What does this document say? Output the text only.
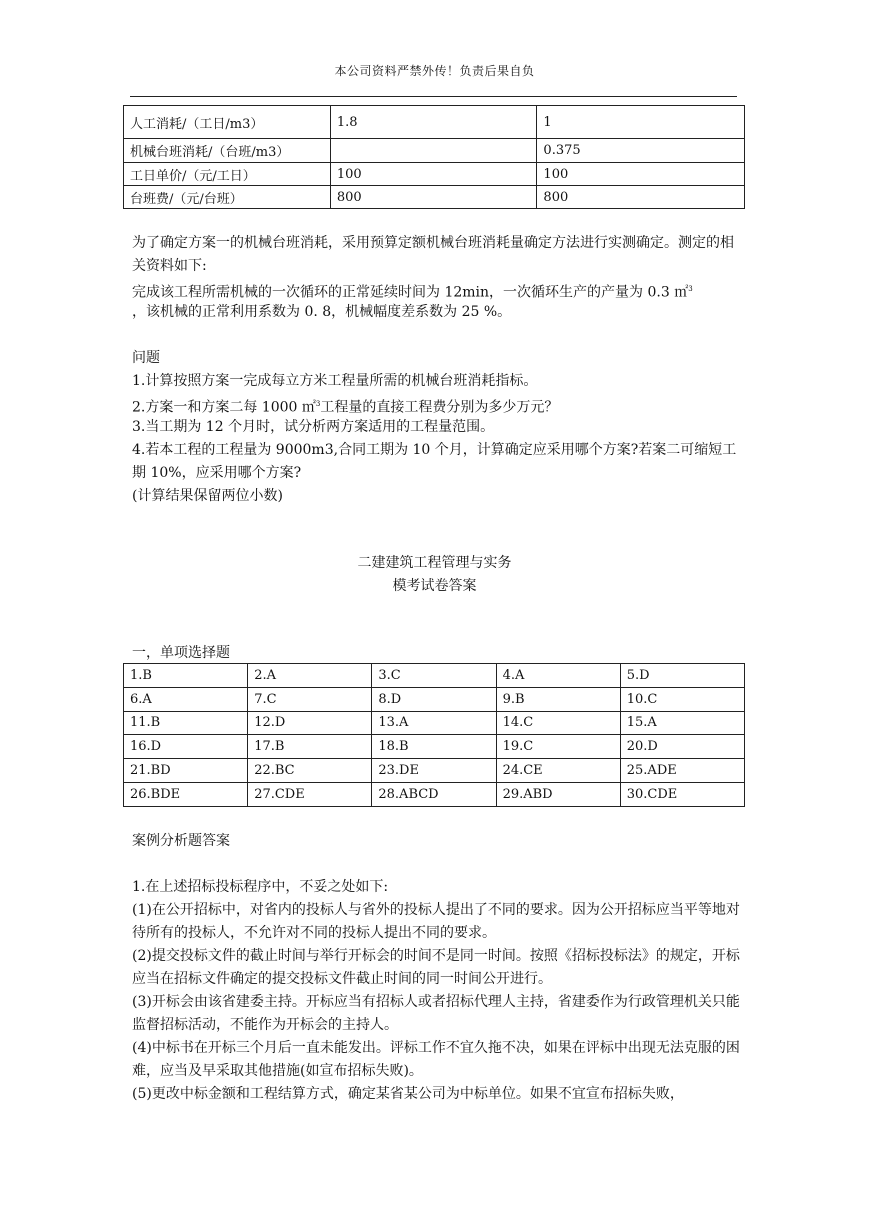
本公司资料严禁外传！负责后果自负
人工消耗/（工日/m3）	1.8	1
机械台班消耗/（台班/m3）		0.375
工日单价/（元/工日）	100	100
台班费/（元/台班）	800	800

为了确定方案一的机械台班消耗，采用预算定额机械台班消耗量确定方法进行实测确定。测定的相关资料如下:

完成该工程所需机械的一次循环的正常延续时间为 12min，一次循环生产的产量为 0.3 ㎡$^3$

，该机械的正常利用系数为 0. 8，机械幅度差系数为 25 %。

问题

1.计算按照方案一完成每立方米工程量所需的机械台班消耗指标。

2.方案一和方案二每 1000 ㎡$^3$工程量的直接工程费分别为多少万元？

3.当工期为 12 个月时，试分析两方案适用的工程量范围。

4.若本工程的工程量为 9000m3,合同工期为 10 个月，计算确定应采用哪个方案?若案二可缩短工期 10%，应采用哪个方案?

(计算结果保留两位小数)

二建建筑工程管理与实务

模考试卷答案

一，单项选择题

1.B	2.A	3.C	4.A	5.D
6.A	7.C	8.D	9.B	10.C
11.B	12.D	13.A	14.C	15.A
16.D	17.B	18.B	19.C	20.D
21.BD	22.BC	23.DE	24.CE	25.ADE
26.BDE	27.CDE	28.ABCD	29.ABD	30.CDE

案例分析题答案

1.在上述招标投标程序中，不妥之处如下:

(1)在公开招标中，对省内的投标人与省外的投标人提出了不同的要求。因为公开招标应当平等地对待所有的投标人，不允许对不同的投标人提出不同的要求。

(2)提交投标文件的截止时间与举行开标会的时间不是同一时间。按照《招标投标法》的规定，开标应当在招标文件确定的提交投标文件截止时间的同一时间公开进行。

(3)开标会由该省建委主持。开标应当有招标人或者招标代理人主持，省建委作为行政管理机关只能监督招标活动，不能作为开标会的主持人。

(4)中标书在开标三个月后一直未能发出。评标工作不宜久拖不决，如果在评标中出现无法克服的困难，应当及早采取其他措施(如宣布招标失败)。

(5)更改中标金额和工程结算方式，确定某省某公司为中标单位。如果不宜宣布招标失败，
